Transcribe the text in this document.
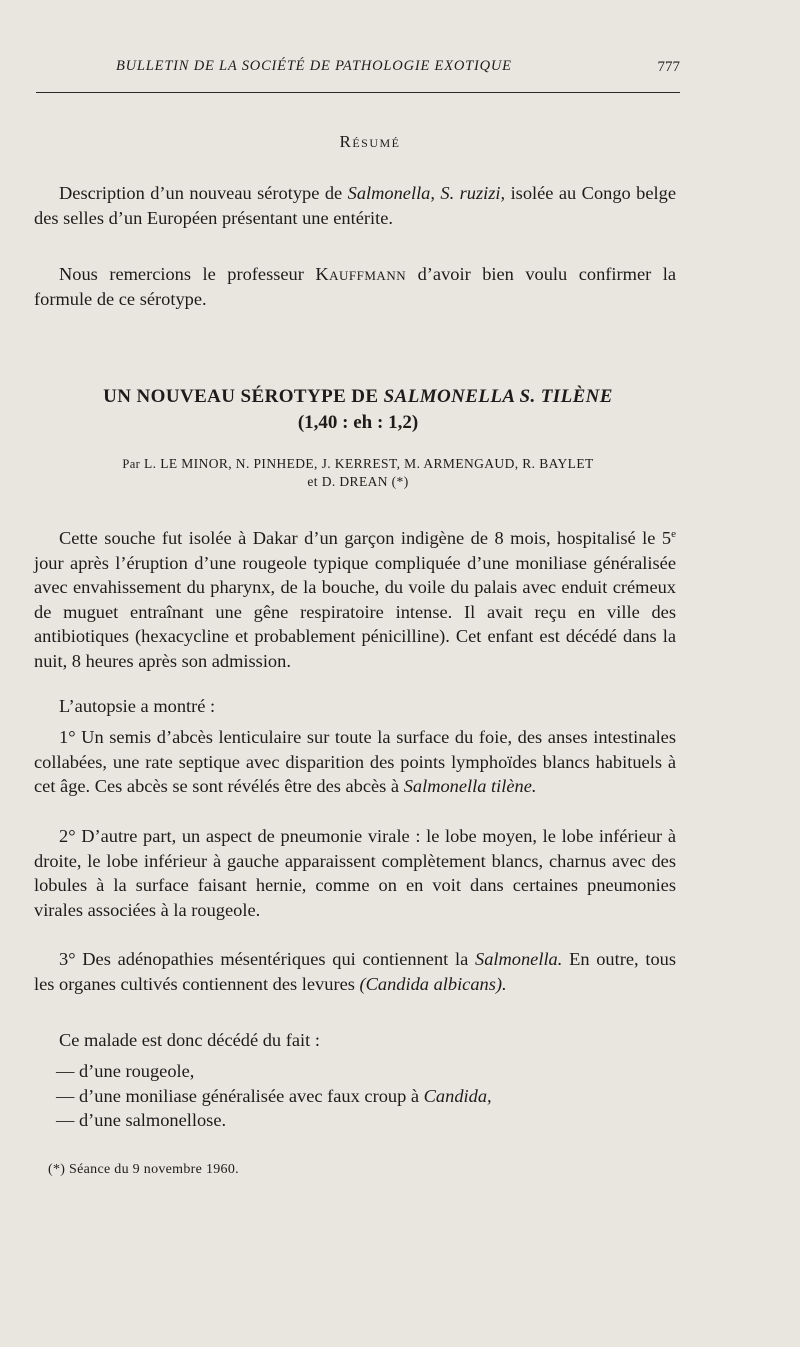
BULLETIN DE LA SOCIÉTÉ DE PATHOLOGIE EXOTIQUE	777
Résumé
Description d’un nouveau sérotype de Salmonella, S. ruzizi, isolée au Congo belge des selles d’un Européen présentant une entérite.
Nous remercions le professeur Kauffmann d’avoir bien voulu confirmer la formule de ce sérotype.
UN NOUVEAU SÉROTYPE DE SALMONELLA S. TILÈNE
(1,40 : eh : 1,2)
Par L. LE MINOR, N. PINHEDE, J. KERREST, M. ARMENGAUD, R. BAYLET
et D. DREAN (*)
Cette souche fut isolée à Dakar d’un garçon indigène de 8 mois, hospitalisé le 5e jour après l’éruption d’une rougeole typique compliquée d’une moniliase généralisée avec envahissement du pharynx, de la bouche, du voile du palais avec enduit crémeux de muguet entraînant une gêne respiratoire intense. Il avait reçu en ville des antibiotiques (hexacycline et probablement pénicilline). Cet enfant est décédé dans la nuit, 8 heures après son admission.
L’autopsie a montré :
1° Un semis d’abcès lenticulaire sur toute la surface du foie, des anses intestinales collabées, une rate septique avec disparition des points lymphoïdes blancs habituels à cet âge. Ces abcès se sont révélés être des abcès à Salmonella tilène.
2° D’autre part, un aspect de pneumonie virale : le lobe moyen, le lobe inférieur à droite, le lobe inférieur à gauche apparaissent complètement blancs, charnus avec des lobules à la surface faisant hernie, comme on en voit dans certaines pneumonies virales associées à la rougeole.
3° Des adénopathies mésentériques qui contiennent la Salmonella. En outre, tous les organes cultivés contiennent des levures (Candida albicans).
Ce malade est donc décédé du fait :
— d’une rougeole,
— d’une moniliase généralisée avec faux croup à Candida,
— d’une salmonellose.
(*) Séance du 9 novembre 1960.
